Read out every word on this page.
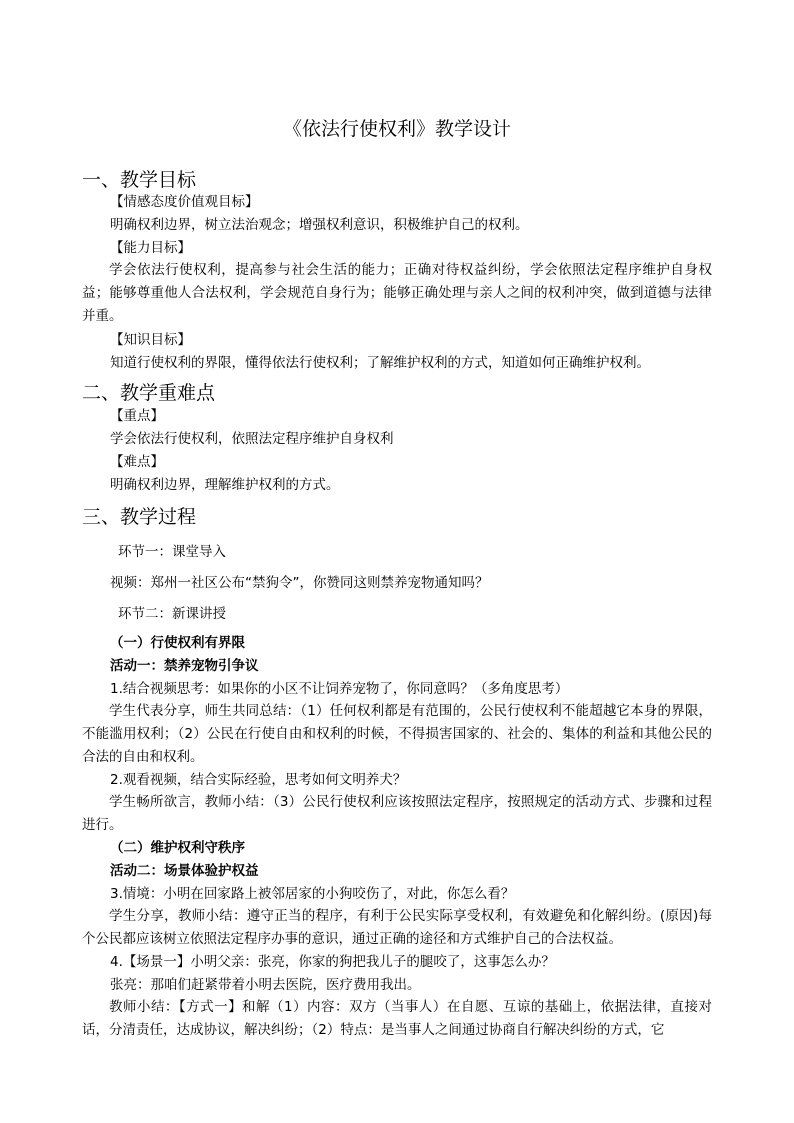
《依法行使权利》教学设计
一、教学目标
【情感态度价值观目标】
明确权利边界，树立法治观念；增强权利意识，积极维护自己的权利。
【能力目标】
学会依法行使权利，提高参与社会生活的能力；正确对待权益纠纷，学会依照法定程序维护自身权益；能够尊重他人合法权利，学会规范自身行为；能够正确处理与亲人之间的权利冲突，做到道德与法律并重。
【知识目标】
知道行使权利的界限，懂得依法行使权利；了解维护权利的方式，知道如何正确维护权利。
二、教学重难点
【重点】
学会依法行使权利，依照法定程序维护自身权利
【难点】
明确权利边界，理解维护权利的方式。
三、教学过程
环节一：课堂导入
视频：郑州一社区公布“禁狗令”，你赞同这则禁养宠物通知吗？
环节二：新课讲授
（一）行使权利有界限
活动一：禁养宠物引争议
1.结合视频思考：如果你的小区不让饲养宠物了，你同意吗？（多角度思考）
学生代表分享，师生共同总结：（1）任何权利都是有范围的，公民行使权利不能超越它本身的界限，不能滥用权利；（2）公民在行使自由和权利的时候，不得损害国家的、社会的、集体的利益和其他公民的合法的自由和权利。
2.观看视频，结合实际经验，思考如何文明养犬？
学生畅所欲言，教师小结：（3）公民行使权利应该按照法定程序，按照规定的活动方式、步骤和过程进行。
（二）维护权利守秩序
活动二：场景体验护权益
3.情境：小明在回家路上被邻居家的小狗咬伤了，对此，你怎么看？
学生分享，教师小结：遵守正当的程序，有利于公民实际享受权利，有效避免和化解纠纷。(原因)每个公民都应该树立依照法定程序办事的意识，通过正确的途径和方式维护自己的合法权益。
4.【场景一】小明父亲：张亮，你家的狗把我儿子的腿咬了，这事怎么办？
张亮：那咱们赶紧带着小明去医院，医疗费用我出。
教师小结：【方式一】和解（1）内容：双方（当事人）在自愿、互谅的基础上，依据法律，直接对话，分清责任，达成协议，解决纠纷；（2）特点：是当事人之间通过协商自行解决纠纷的方式，它
